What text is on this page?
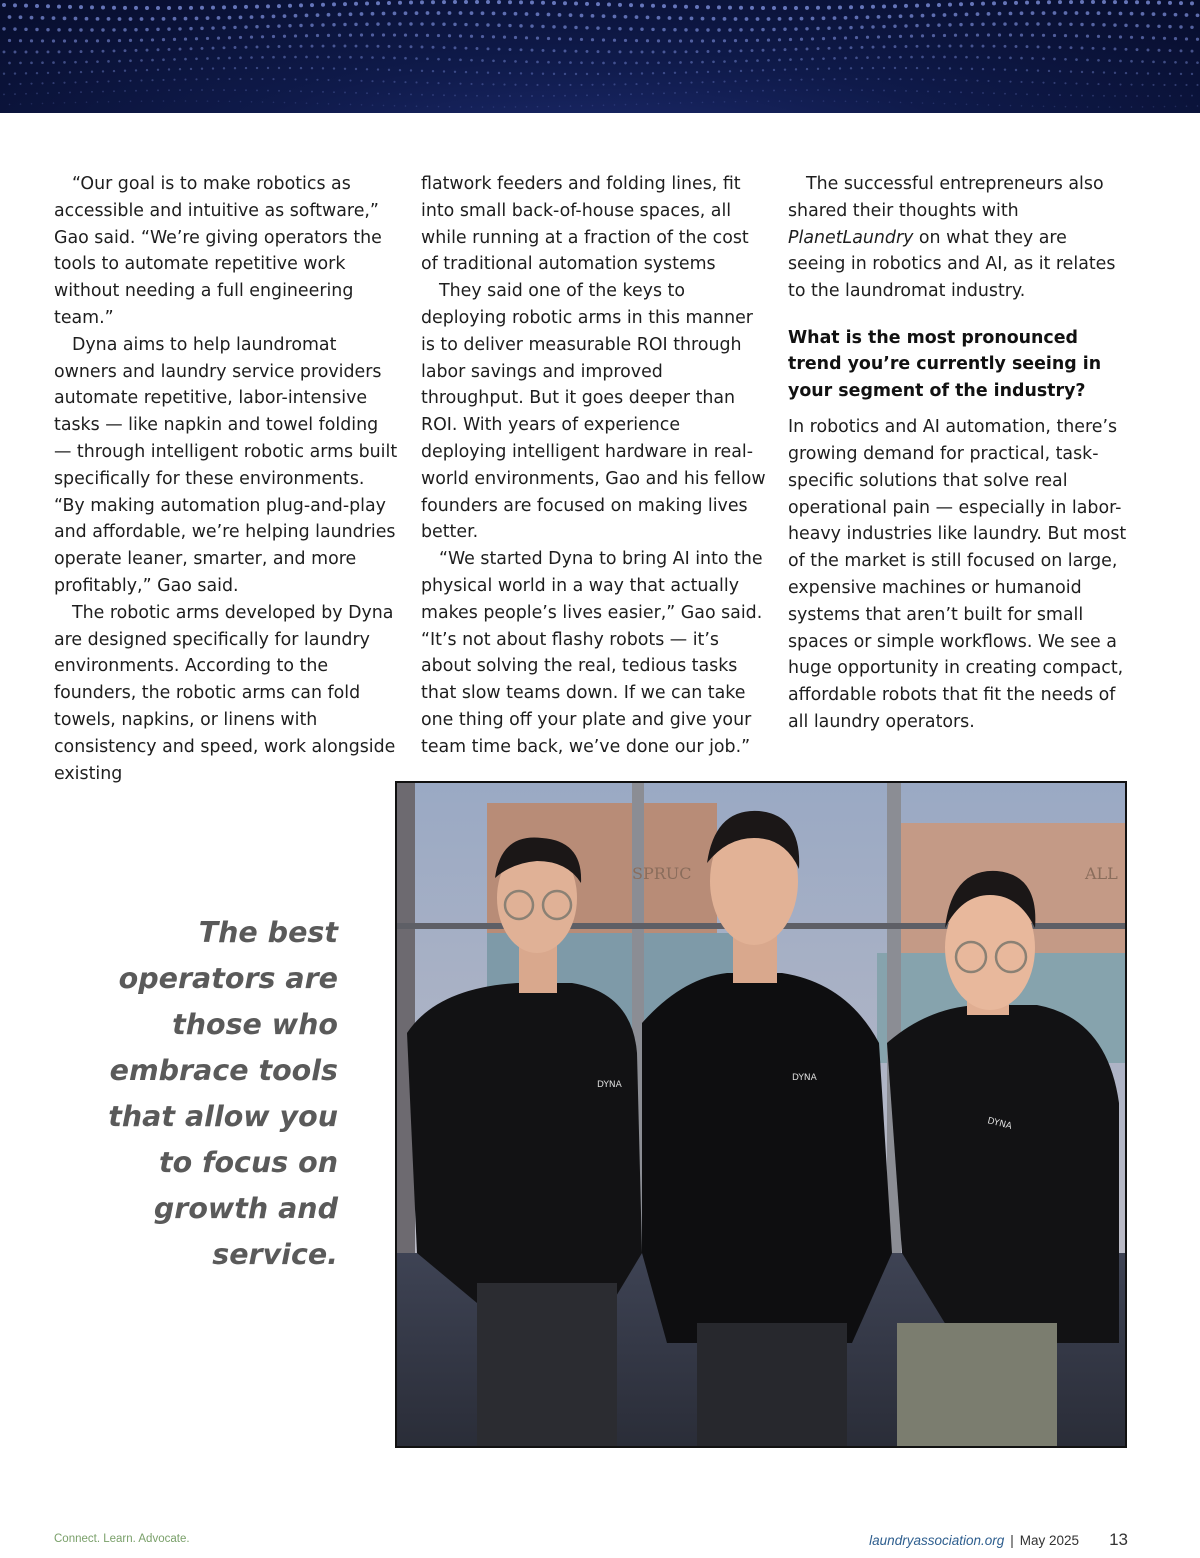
“Our goal is to make robotics as accessible and intuitive as software,” Gao said. “We’re giving operators the tools to automate repetitive work without needing a full engineering team.”

Dyna aims to help laundromat owners and laundry service providers automate repetitive, labor-intensive tasks — like napkin and towel folding — through intelligent robotic arms built specifically for these environments. “By making automation plug-and-play and affordable, we’re helping laundries operate leaner, smarter, and more profitably,” Gao said.

The robotic arms developed by Dyna are designed specifically for laundry environments. According to the founders, the robotic arms can fold towels, napkins, or linens with consistency and speed, work alongside existing

flatwork feeders and folding lines, fit into small back-of-house spaces, all while running at a fraction of the cost of traditional automation systems

They said one of the keys to deploying robotic arms in this manner is to deliver measurable ROI through labor savings and improved throughput. But it goes deeper than ROI. With years of experience deploying intelligent hardware in real-world environments, Gao and his fellow founders are focused on making lives better.

“We started Dyna to bring AI into the physical world in a way that actually makes people’s lives easier,” Gao said. “It’s not about flashy robots — it’s about solving the real, tedious tasks that slow teams down. If we can take one thing off your plate and give your team time back, we’ve done our job.”

The successful entrepreneurs also shared their thoughts with PlanetLaundry on what they are seeing in robotics and AI, as it relates to the laundromat industry.

What is the most pronounced trend you’re currently seeing in your segment of the industry?

In robotics and AI automation, there’s growing demand for practical, task-specific solutions that solve real operational pain — especially in labor-heavy industries like laundry. But most of the market is still focused on large, expensive machines or humanoid systems that aren’t built for small spaces or simple workflows. We see a huge opportunity in creating compact, affordable robots that fit the needs of all laundry operators.

The best operators are those who embrace tools that allow you to focus on growth and service.
SPRUC	ALL
DYNA
DYNA
DYNA
Connect. Learn. Advocate.	laundryassociation.org | May 2025 13
